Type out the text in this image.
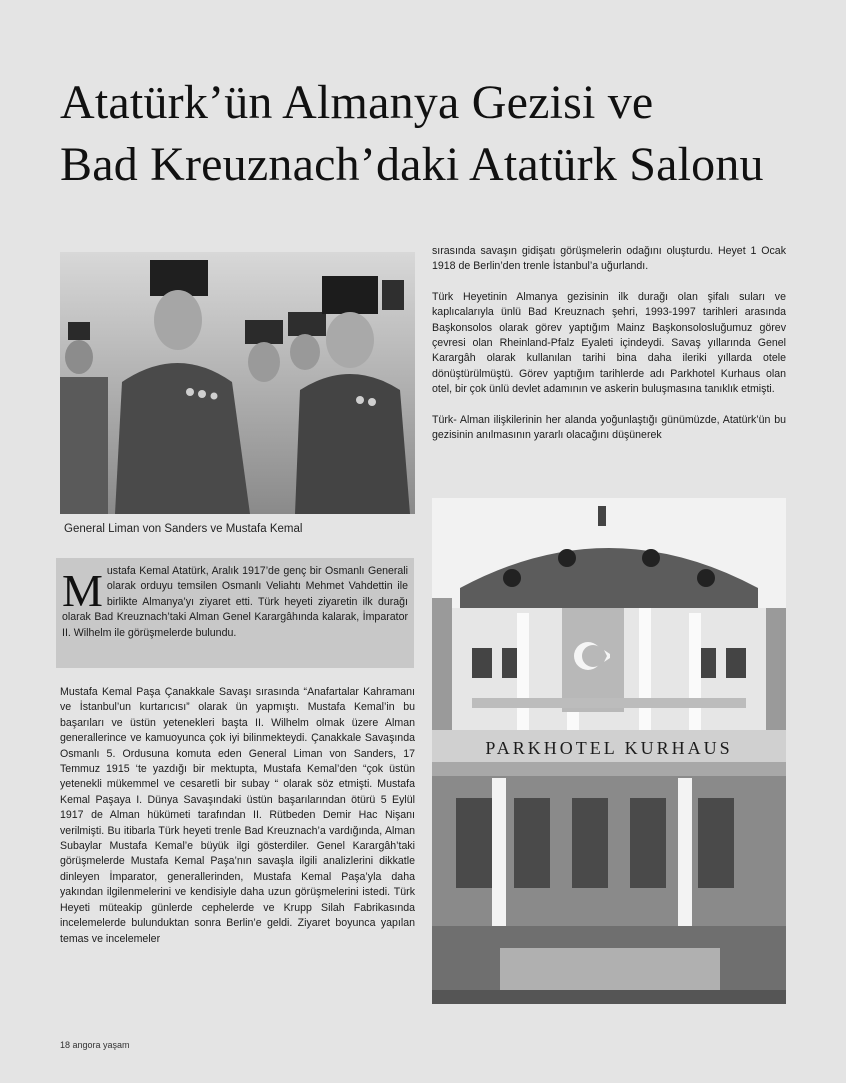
Atatürk’ün Almanya Gezisi ve
Bad Kreuznach’daki Atatürk Salonu

General Liman von Sanders ve Mustafa Kemal

PARKHOTEL KURHAUS

sırasında savaşın gidişatı görüşmelerin odağını oluşturdu. Heyet 1 Ocak 1918 de Berlin’den trenle İstanbul’a uğurlandı.

Türk Heyetinin Almanya gezisinin ilk durağı olan şifalı suları ve kaplıcalarıyla ünlü Bad Kreuznach şehri, 1993-1997 tarihleri arasında Başkonsolos olarak görev yaptığım Mainz Başkonsolosluğumuz görev çevresi olan Rheinland-Pfalz Eyaleti içindeydi. Savaş yıllarında Genel Karargâh olarak kullanılan tarihi bina daha ileriki yıllarda otele dönüştürülmüştü. Görev yaptığım tarihlerde adı Parkhotel Kurhaus olan otel, bir çok ünlü devlet adamının ve askerin buluşmasına tanıklık etmişti.

Türk- Alman ilişkilerinin her alanda yoğunlaştığı günümüzde, Atatürk’ün bu gezisinin anılmasının yararlı olacağını düşünerek

M ustafa Kemal Atatürk, Aralık 1917’de genç bir Osmanlı Generali olarak orduyu temsilen Osmanlı Veliahtı Mehmet Vahdettin ile birlikte Almanya’yı ziyaret etti. Türk heyeti ziyaretin ilk durağı olarak Bad Kreuznach’taki Alman Genel Karargâhında kalarak, İmparator II. Wilhelm ile görüşmelerde bulundu.

Mustafa Kemal Paşa Çanakkale Savaşı sırasında “Anafartalar Kahramanı ve İstanbul’un kurtarıcısı” olarak ün yapmıştı. Mustafa Kemal’in bu başarıları ve üstün yetenekleri başta II. Wilhelm olmak üzere Alman generallerince ve kamuoyunca çok iyi bilinmekteydi. Çanakkale Savaşında Osmanlı 5. Ordusuna komuta eden General Liman von Sanders, 17 Temmuz 1915 ‘te yazdığı bir mektupta, Mustafa Kemal’den “çok üstün yetenekli mükemmel ve cesaretli bir subay “ olarak söz etmişti. Mustafa Kemal Paşaya I. Dünya Savaşındaki üstün başarılarından ötürü 5 Eylül 1917 de Alman hükümeti tarafından II. Rütbeden Demir Hac Nişanı verilmişti. Bu itibarla Türk heyeti trenle Bad Kreuznach’a vardığında, Alman Subaylar Mustafa Kemal’e büyük ilgi gösterdiler. Genel Karargâh’taki görüşmelerde Mustafa Kemal Paşa’nın savaşla ilgili analizlerini dikkatle dinleyen İmparator, generallerinden, Mustafa Kemal Paşa’yla daha yakından ilgilenmelerini ve kendisiyle daha uzun görüşmelerini istedi. Türk Heyeti müteakip günlerde cephelerde ve Krupp Silah Fabrikasında incelemelerde bulunduktan sonra Berlin’e geldi. Ziyaret boyunca yapılan temas ve incelemeler

18 angora yaşam
